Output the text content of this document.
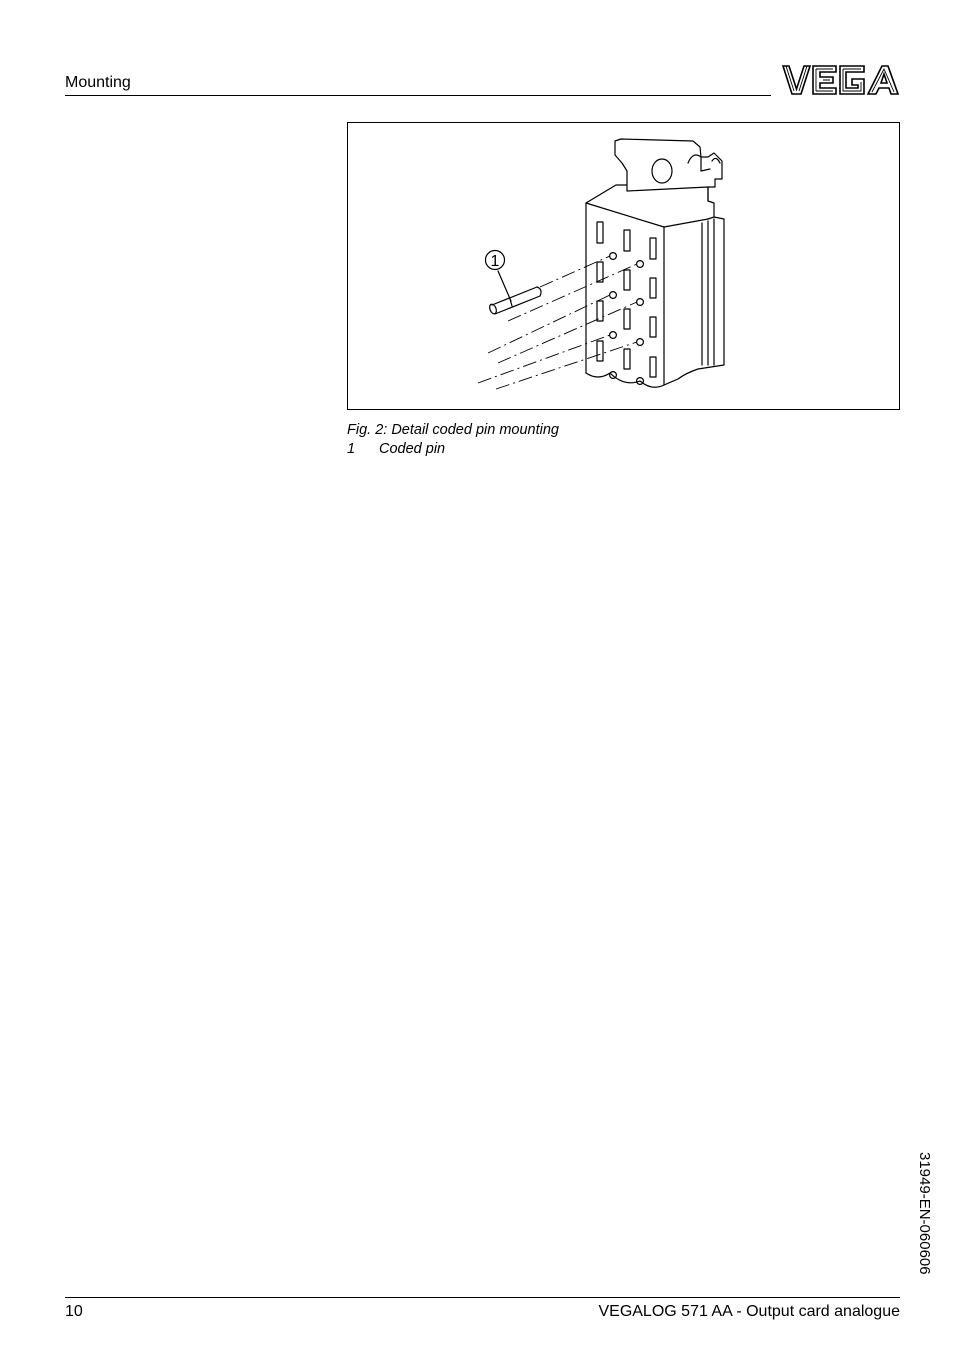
Mounting
1
Fig. 2: Detail coded pin mounting
1 Coded pin
31949-EN-060606
10	VEGALOG 571 AA - Output card analogue
